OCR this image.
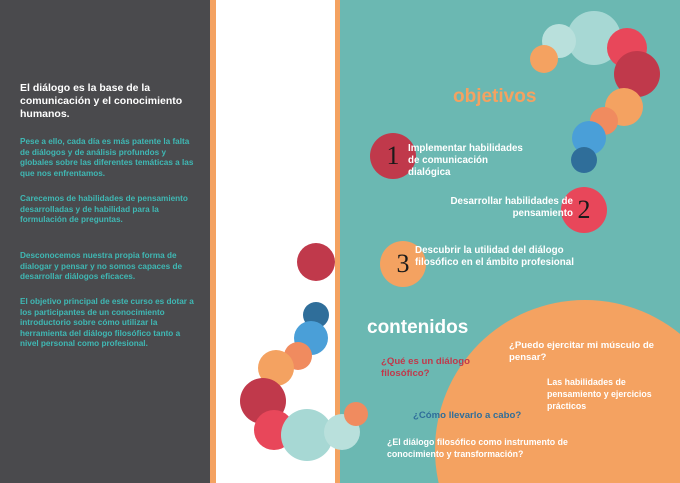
El diálogo es la base de la comunicación y el conocimiento humanos.
Pese a ello, cada día es más patente la falta de diálogos y de análisis profundos y globales sobre las diferentes temáticas a las que nos enfrentamos.
Carecemos de habilidades de pensamiento desarrolladas y de habilidad para la formulación de preguntas.
Desconocemos nuestra propia forma de dialogar y pensar y no somos capaces de desarrollar diálogos eficaces.
El objetivo principal de este curso es dotar a los participantes de un conocimiento introductorio sobre cómo utilizar la herramienta del diálogo filosófico tanto a nivel personal como profesional.
objetivos
1 Implementar habilidades de comunicación dialógica
2
Desarrollar habilidades de pensamiento
3 Descubrir la utilidad del diálogo filosófico en el ámbito profesional
contenidos
¿Qué es un diálogo filosófico?
¿Puedo ejercitar mi músculo de pensar?
Las habilidades de pensamiento y ejercicios prácticos
¿Cómo llevarlo a cabo?
¿El diálogo filosófico como instrumento de conocimiento y transformación?
